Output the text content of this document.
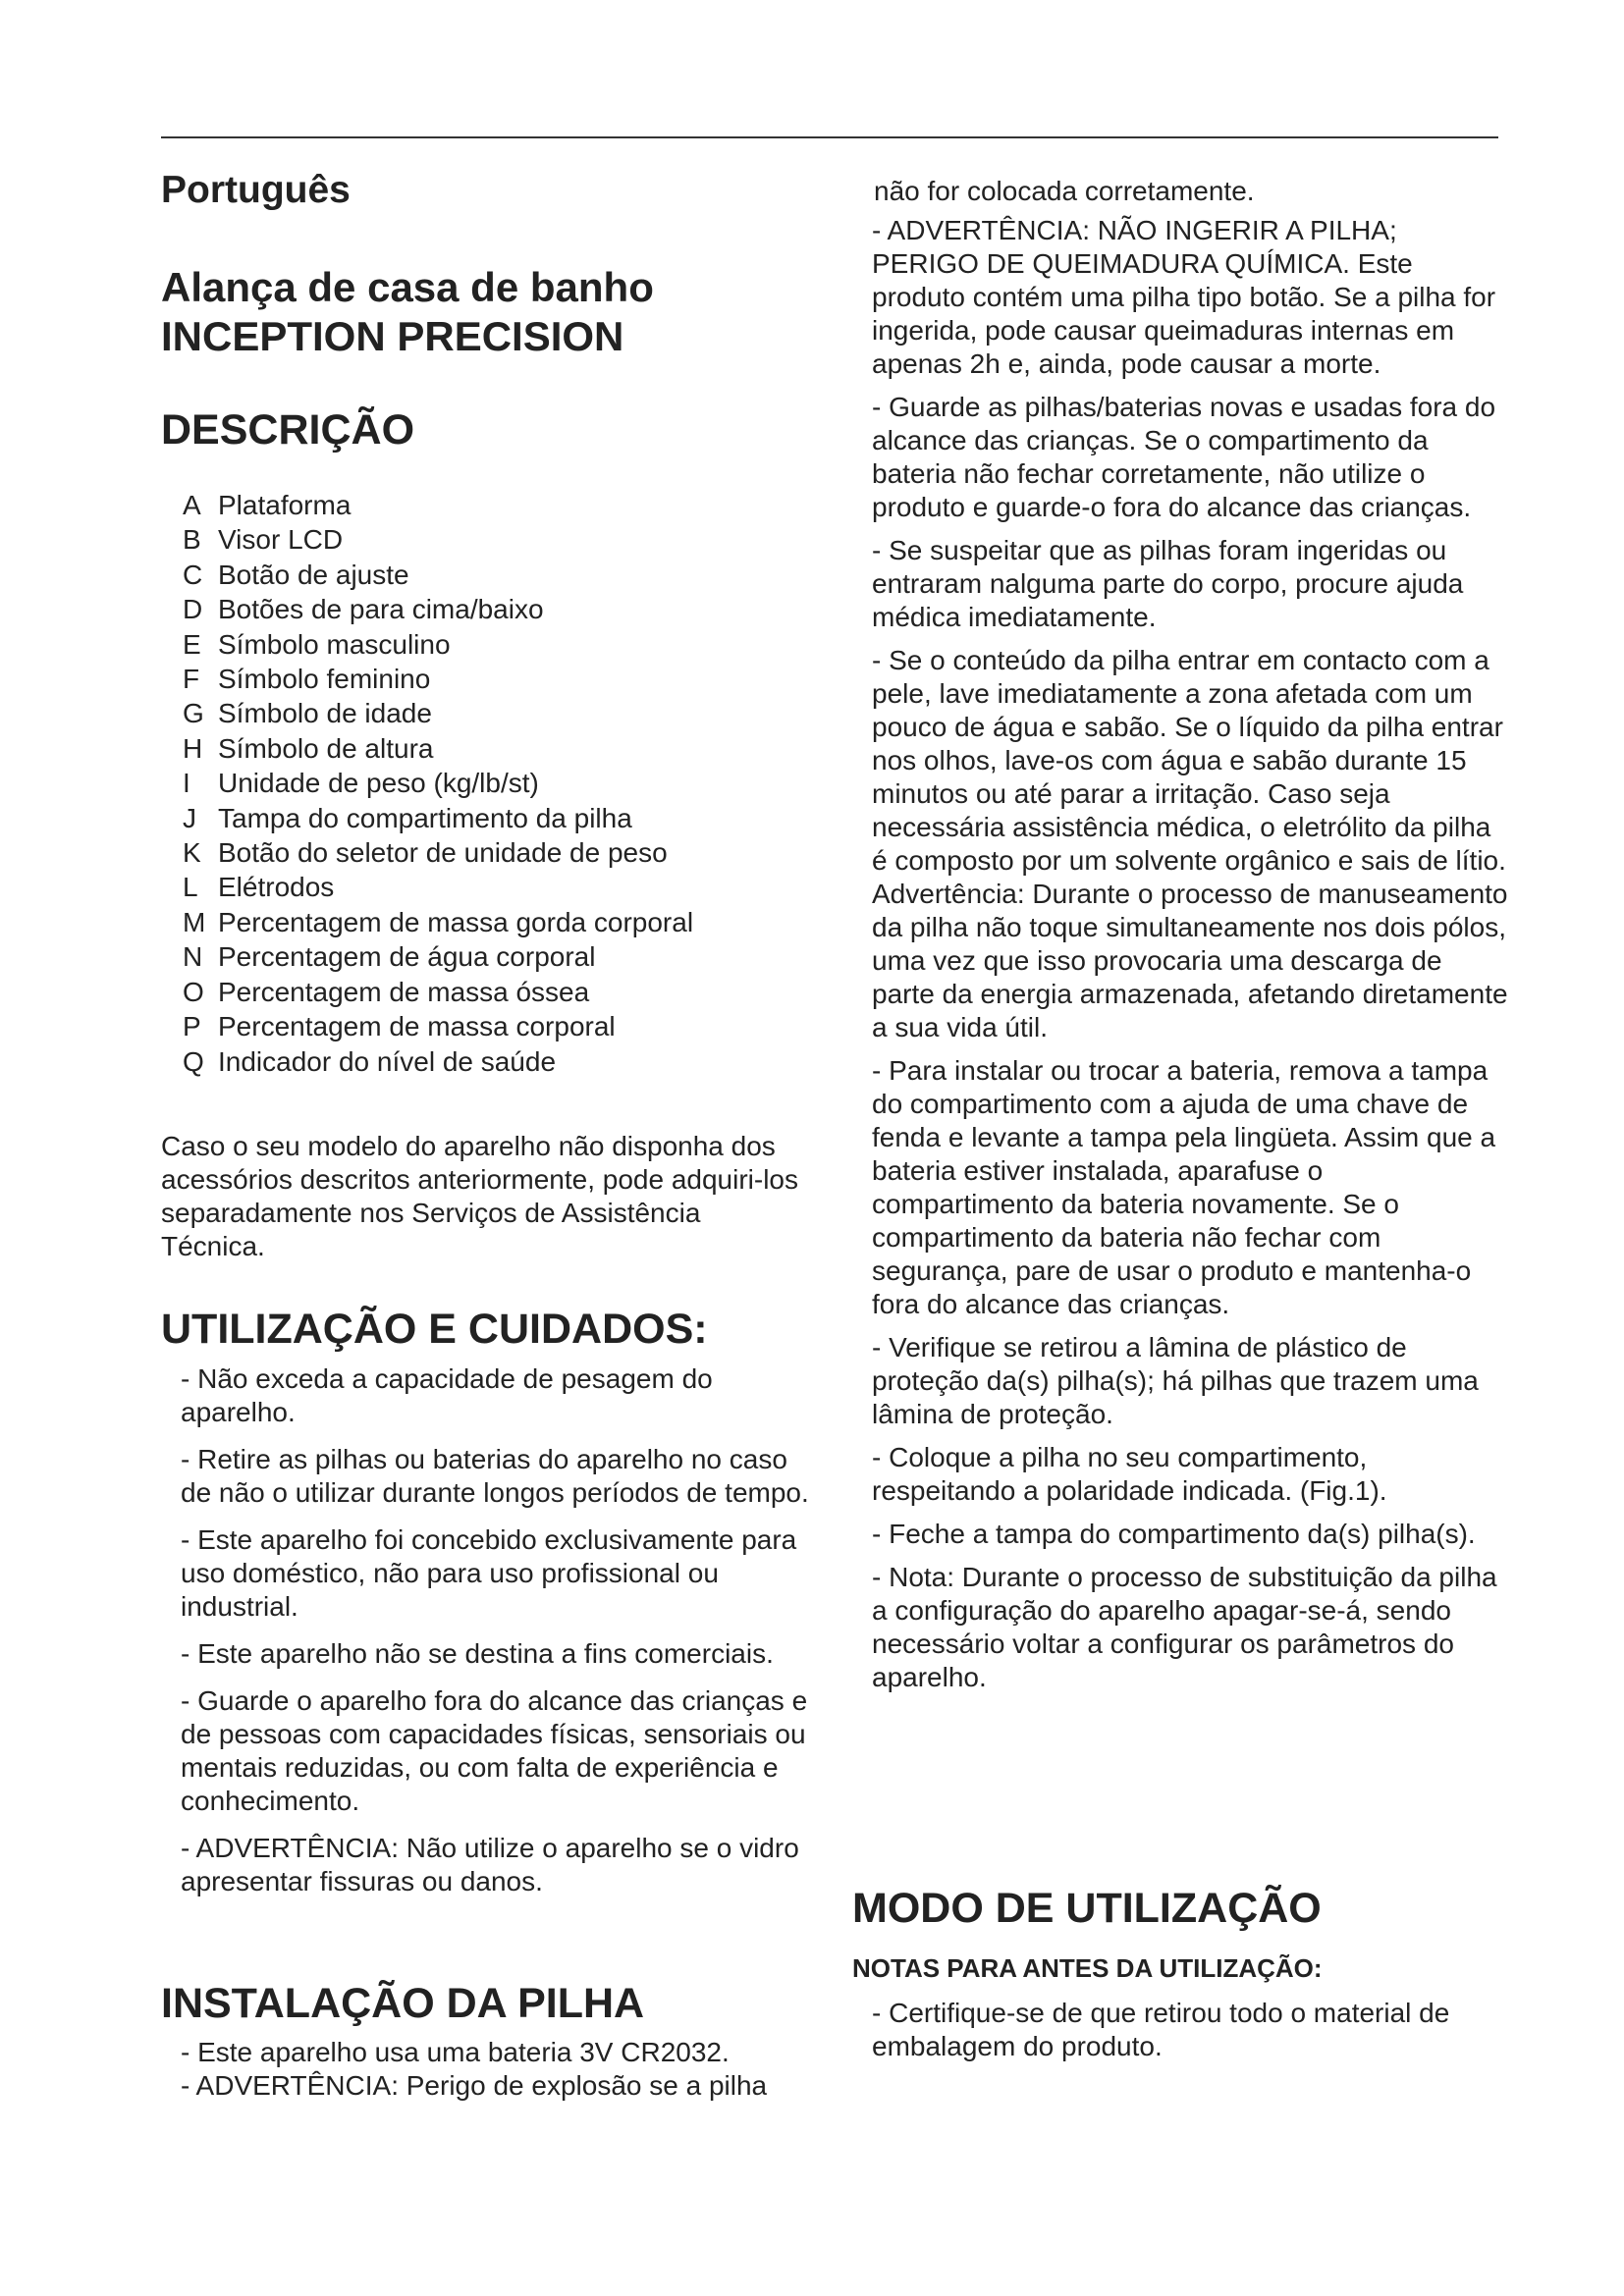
Português
Alança de casa de banho
INCEPTION PRECISION
DESCRIÇÃO
A Plataforma
B Visor LCD
C Botão de ajuste
D Botões de para cima/baixo
E Símbolo masculino
F Símbolo feminino
G Símbolo de idade
H Símbolo de altura
I Unidade de peso (kg/lb/st)
J Tampa do compartimento da pilha
K Botão do seletor de unidade de peso
L Elétrodos
M Percentagem de massa gorda corporal
N Percentagem de água corporal
O Percentagem de massa óssea
P Percentagem de massa corporal
Q Indicador do nível de saúde

Caso o seu modelo do aparelho não disponha dos acessórios descritos anteriormente, pode adquiri-los separadamente nos Serviços de Assistência Técnica.

UTILIZAÇÃO E CUIDADOS:
- Não exceda a capacidade de pesagem do aparelho.
- Retire as pilhas ou baterias do aparelho no caso de não o utilizar durante longos períodos de tempo.
- Este aparelho foi concebido exclusivamente para uso doméstico, não para uso profissional ou industrial.
- Este aparelho não se destina a fins comerciais.
- Guarde o aparelho fora do alcance das crianças e de pessoas com capacidades físicas, sensoriais ou mentais reduzidas, ou com falta de experiência e conhecimento.
- ADVERTÊNCIA: Não utilize o aparelho se o vidro apresentar fissuras ou danos.
INSTALAÇÃO DA PILHA
- Este aparelho usa uma bateria 3V CR2032.
- ADVERTÊNCIA: Perigo de explosão se a pilha

não for colocada corretamente.

- ADVERTÊNCIA: NÃO INGERIR A PILHA; PERIGO DE QUEIMADURA QUÍMICA. Este produto contém uma pilha tipo botão. Se a pilha for ingerida, pode causar queimaduras internas em apenas 2h e, ainda, pode causar a morte.
- Guarde as pilhas/baterias novas e usadas fora do alcance das crianças. Se o compartimento da bateria não fechar corretamente, não utilize o produto e guarde-o fora do alcance das crianças.
- Se suspeitar que as pilhas foram ingeridas ou entraram nalguma parte do corpo, procure ajuda médica imediatamente.
- Se o conteúdo da pilha entrar em contacto com a pele, lave imediatamente a zona afetada com um pouco de água e sabão. Se o líquido da pilha entrar nos olhos, lave-os com água e sabão durante 15 minutos ou até parar a irritação. Caso seja necessária assistência médica, o eletrólito da pilha é composto por um solvente orgânico e sais de lítio. Advertência: Durante o processo de manuseamento da pilha não toque simultaneamente nos dois pólos, uma vez que isso provocaria uma descarga de parte da energia armazenada, afetando diretamente a sua vida útil.
- Para instalar ou trocar a bateria, remova a tampa do compartimento com a ajuda de uma chave de fenda e levante a tampa pela lingüeta. Assim que a bateria estiver instalada, aparafuse o compartimento da bateria novamente. Se o compartimento da bateria não fechar com segurança, pare de usar o produto e mantenha-o fora do alcance das crianças.
- Verifique se retirou a lâmina de plástico de proteção da(s) pilha(s); há pilhas que trazem uma lâmina de proteção.
- Coloque a pilha no seu compartimento, respeitando a polaridade indicada. (Fig.1).
- Feche a tampa do compartimento da(s) pilha(s).
- Nota: Durante o processo de substituição da pilha a configuração do aparelho apagar-se-á, sendo necessário voltar a configurar os parâmetros do aparelho.
MODO DE UTILIZAÇÃO
NOTAS PARA ANTES DA UTILIZAÇÃO:
- Certifique-se de que retirou todo o material de embalagem do produto.
